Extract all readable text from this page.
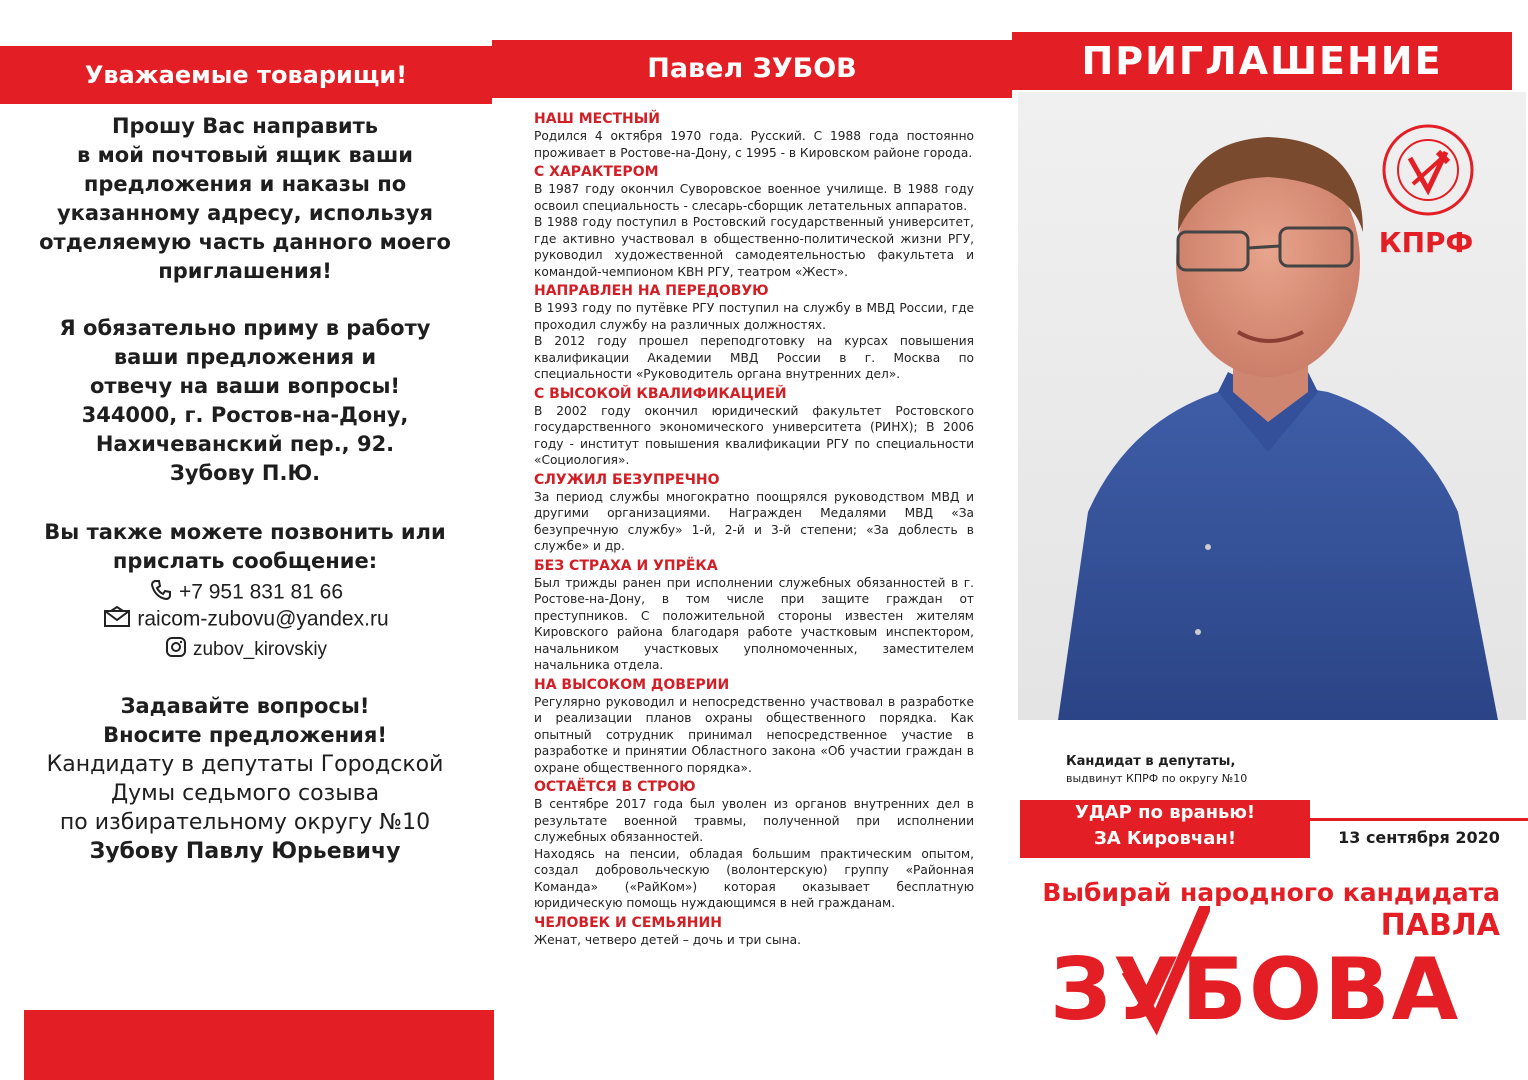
Уважаемые товарищи!
Прошу Вас направить
в мой почтовый ящик ваши
предложения и наказы по
указанному адресу, используя
отделяемую часть данного моего
приглашения!
Я обязательно приму в работу
ваши предложения и
отвечу на ваши вопросы!
344000, г. Ростов-на-Дону,
Нахичеванский пер., 92.
Зубову П.Ю.
Вы также можете позвонить или
прислать сообщение:
+7 951 831 81 66
raicom-zubovu@yandex.ru
zubov_kirovskiy
Задавайте вопросы!
Вносите предложения!
Кандидату в депутаты Городской
Думы седьмого созыва
по избирательному округу №10
Зубову Павлу Юрьевичу
Павел ЗУБОВ
НАШ МЕСТНЫЙ

Родился 4 октября 1970 года. Русский. С 1988 года постоянно проживает в Ростове-на-Дону, с 1995 - в Кировском районе города.

С ХАРАКТЕРОМ

В 1987 году окончил Суворовское военное училище. В 1988 году освоил специальность - слесарь-сборщик летательных аппаратов.

В 1988 году поступил в Ростовский государственный университет, где активно участвовал в общественно-политической жизни РГУ, руководил художественной самодеятельностью факультета и командой-чемпионом КВН РГУ, театром «Жест».

НАПРАВЛЕН НА ПЕРЕДОВУЮ

В 1993 году по путёвке РГУ поступил на службу в МВД России, где проходил службу на различных должностях.

В 2012 году прошел переподготовку на курсах повышения квалификации Академии МВД России в г. Москва по специальности «Руководитель органа внутренних дел».

С ВЫСОКОЙ КВАЛИФИКАЦИЕЙ

В 2002 году окончил юридический факультет Ростовского государственного экономического университета (РИНХ); В 2006 году - институт повышения квалификации РГУ по специальности «Социология».

СЛУЖИЛ БЕЗУПРЕЧНО

За период службы многократно поощрялся руководством МВД и другими организациями. Награжден Медалями МВД «За безупречную службу» 1-й, 2-й и 3-й степени; «За доблесть в службе» и др.

БЕЗ СТРАХА И УПРЁКА

Был трижды ранен при исполнении служебных обязанностей в г. Ростове-на-Дону, в том числе при защите граждан от преступников. С положительной стороны известен жителям Кировского района благодаря работе участковым инспектором, начальником участковых уполномоченных, заместителем начальника отдела.

НА ВЫСОКОМ ДОВЕРИИ

Регулярно руководил и непосредственно участвовал в разработке и реализации планов охраны общественного порядка. Как опытный сотрудник принимал непосредственное участие в разработке и принятии Областного закона «Об участии граждан в охране общественного порядка».

ОСТАЁТСЯ В СТРОЮ

В сентябре 2017 года был уволен из органов внутренних дел в результате военной травмы, полученной при исполнении служебных обязанностей.

Находясь на пенсии, обладая большим практическим опытом, создал добровольческую (волонтерскую) группу «Районная Команда» («РайКом») которая оказывает бесплатную юридическую помощь нуждающимся в ней гражданам.

ЧЕЛОВЕК И СЕМЬЯНИН

Женат, четверо детей – дочь и три сына.

ПРИГЛАШЕНИЕ
КПРФ
Кандидат в депутаты,
выдвинут КПРФ по округу №10
УДАР по вранью!
ЗА Кировчан!	13 сентября 2020
Выбирай народного кандидата
ПАВЛА
ЗУБОВА
